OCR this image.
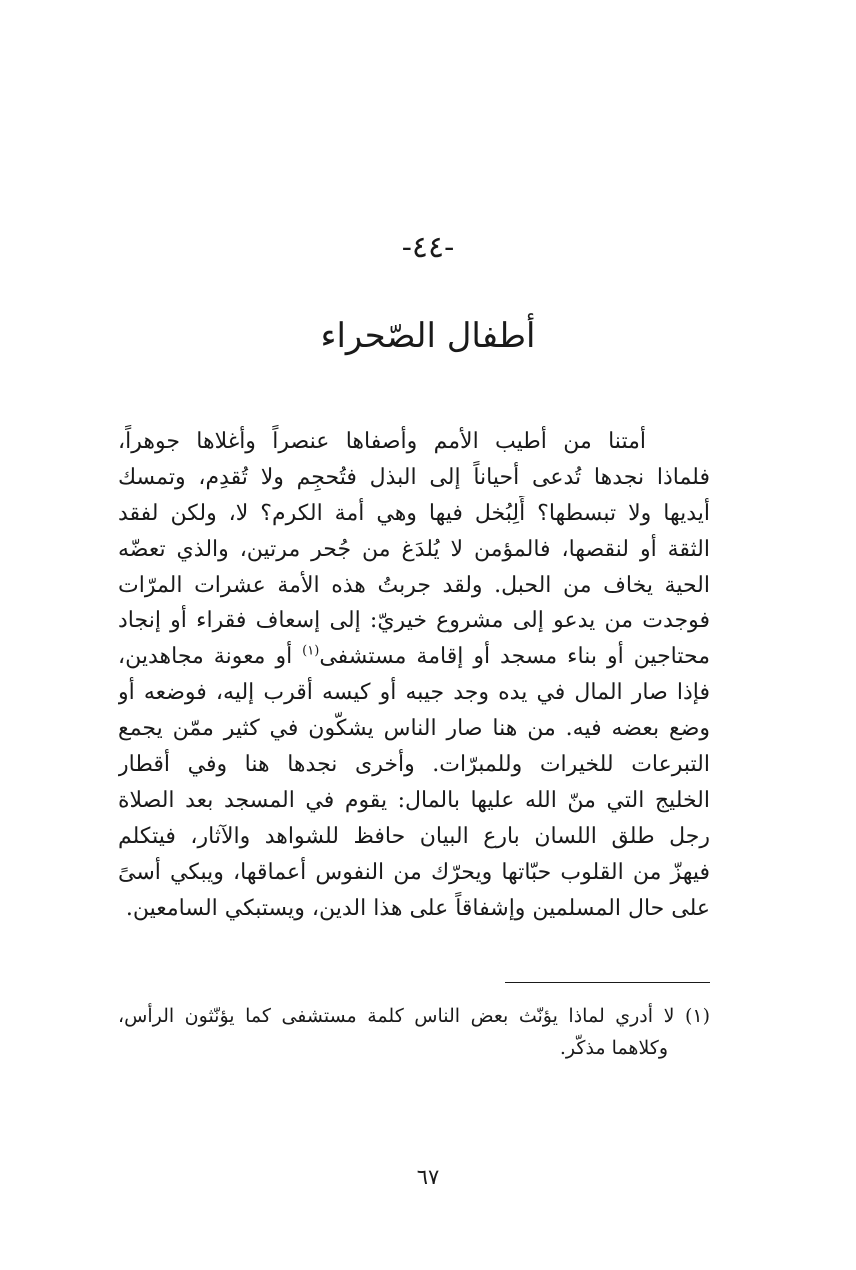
-٤٤-
أطفال الصّحراء
أمتنا من أطيب الأمم وأصفاها عنصراً وأغلاها جوهراً،
فلماذا نجدها تُدعى أحياناً إلى البذل فتُحجِم ولا تُقدِم، وتمسك
أيديها ولا تبسطها؟ أَلِبُخل فيها وهي أمة الكرم؟ لا، ولكن لفقد
الثقة أو لنقصها، فالمؤمن لا يُلدَغ من جُحر مرتين، والذي تعضّه
الحية يخاف من الحبل. ولقد جربتُ هذه الأمة عشرات المرّات
فوجدت من يدعو إلى مشروع خيريّ: إلى إسعاف فقراء أو إنجاد
محتاجين أو بناء مسجد أو إقامة مستشفى$^{(١)}$ أو معونة مجاهدين،
فإذا صار المال في يده وجد جيبه أو كيسه أقرب إليه، فوضعه أو
وضع بعضه فيه. من هنا صار الناس يشكّون في كثير ممّن يجمع
التبرعات للخيرات وللمبرّات. وأخرى نجدها هنا وفي أقطار
الخليج التي منّ الله عليها بالمال: يقوم في المسجد بعد الصلاة
رجل طلق اللسان بارع البيان حافظ للشواهد والآثار، فيتكلم
فيهزّ من القلوب حبّاتها ويحرّك من النفوس أعماقها، ويبكي أسىً
على حال المسلمين وإشفاقاً على هذا الدين، ويستبكي السامعين.
(١) لا أدري لماذا يؤنّث بعض الناس كلمة مستشفى كما يؤنّثون الرأس،
وكلاهما مذكّر.
٦٧
